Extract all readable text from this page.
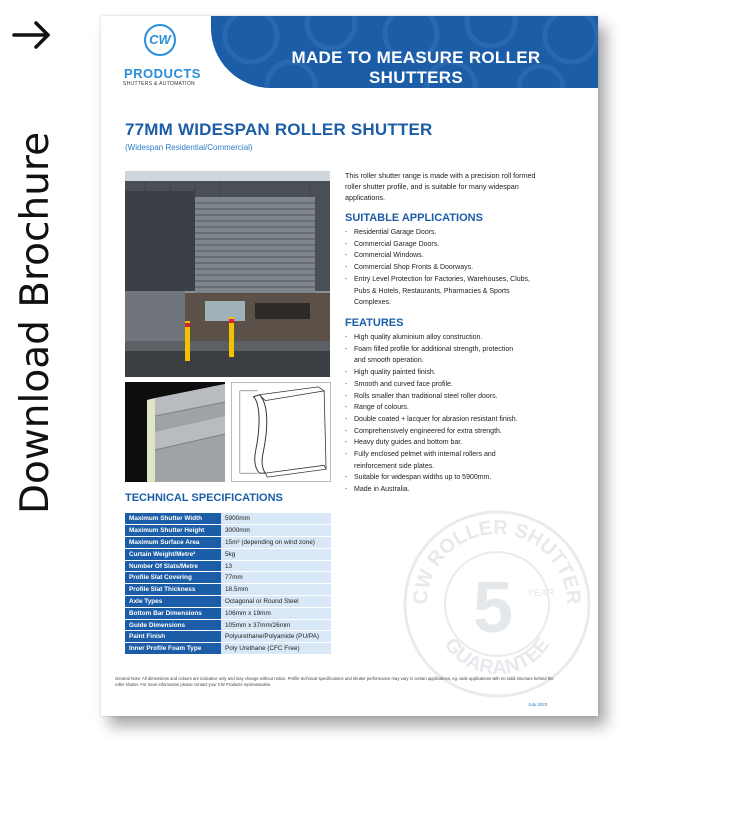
Download Brochure
MADE TO MEASURE ROLLER SHUTTERS
CW
PRODUCTS
SHUTTERS & AUTOMATION
77MM WIDESPAN ROLLER SHUTTER
(Widespan Residential/Commercial)
This roller shutter range is made with a precision roll formed roller shutter profile, and is suitable for many widespan applications.
SUITABLE APPLICATIONS
- Residential Garage Doors.
- Commercial Garage Doors.
- Commercial Windows.
- Commercial Shop Fronts & Doorways.
- Entry Level Protection for Factories, Warehouses, Clubs, Pubs & Hotels, Restaurants, Pharmacies & Sports Complexes.
FEATURES
- High quality aluminium alloy construction.
- Foam filled profile for additional strength, protection and smooth operation.
- High quality painted finish.
- Smooth and curved face profile.
- Rolls smaller than traditional steel roller doors.
- Range of colours.
- Double coated + lacquer for abrasion resistant finish.
- Comprehensively engineered for extra strength.
- Heavy duty guides and bottom bar.
- Fully enclosed pelmet with internal rollers and reinforcement side plates.
- Suitable for widespan widths up to 5900mm.
- Made in Australia.
TECHNICAL SPECIFICATIONS
Maximum Shutter Width	5900mm
Maximum Shutter Height	3000mm
Maximum Surface Area	15m² (depending on wind zone)
Curtain Weight/Metre²	5kg
Number Of Slats/Metre	13
Profile Slat Covering	77mm
Profile Slat Thickness	18.5mm
Axle Types	Octagonal or Round Steel
Bottom Bar Dimensions	106mm x 19mm
Guide Dimensions	105mm x 37mm/26mm
Paint Finish	Polyurethane/Polyamide (PU/PA)
Inner Profile Foam Type	Poly Urethane (CFC Free)
CW ROLLER SHUTTER
GUARANTEE
5 YEAR
General Note: All dimensions and colours are indicative only and may change without notice. Profile technical specifications and shutter performance may vary in certain applications, eg. wide applications with no solid structure behind the roller shutter. For more information please contact your CW Products representative.
July 2023
